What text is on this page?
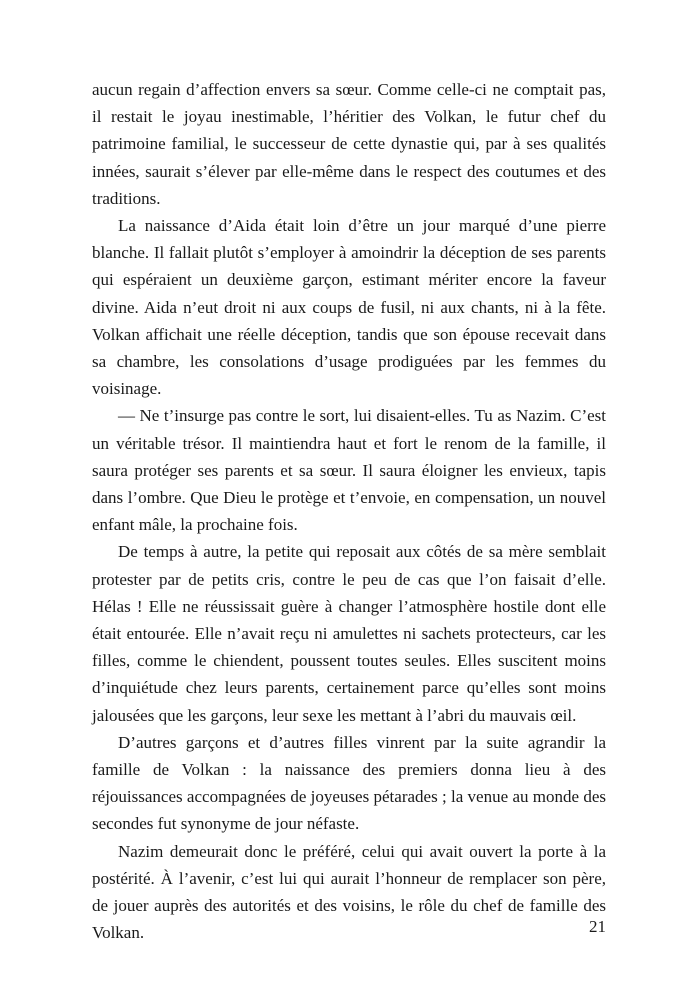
aucun regain d’affection envers sa sœur. Comme celle-ci ne comptait pas, il restait le joyau inestimable, l’héritier des Volkan, le futur chef du patrimoine familial, le successeur de cette dynastie qui, par à ses qualités innées, saurait s’élever par elle-même dans le respect des coutumes et des traditions.

La naissance d’Aida était loin d’être un jour marqué d’une pierre blanche. Il fallait plutôt s’employer à amoindrir la déception de ses parents qui espéraient un deuxième garçon, estimant mériter encore la faveur divine. Aida n’eut droit ni aux coups de fusil, ni aux chants, ni à la fête. Volkan affichait une réelle déception, tandis que son épouse recevait dans sa chambre, les consolations d’usage prodiguées par les femmes du voisinage.

— Ne t’insurge pas contre le sort, lui disaient-elles. Tu as Nazim. C’est un véritable trésor. Il maintiendra haut et fort le renom de la famille, il saura protéger ses parents et sa sœur. Il saura éloigner les envieux, tapis dans l’ombre. Que Dieu le protège et t’envoie, en compensation, un nouvel enfant mâle, la prochaine fois.

De temps à autre, la petite qui reposait aux côtés de sa mère semblait protester par de petits cris, contre le peu de cas que l’on faisait d’elle. Hélas ! Elle ne réussissait guère à changer l’atmosphère hostile dont elle était entourée. Elle n’avait reçu ni amulettes ni sachets protecteurs, car les filles, comme le chiendent, poussent toutes seules. Elles suscitent moins d’inquiétude chez leurs parents, certainement parce qu’elles sont moins jalousées que les garçons, leur sexe les mettant à l’abri du mauvais œil.

D’autres garçons et d’autres filles vinrent par la suite agrandir la famille de Volkan : la naissance des premiers donna lieu à des réjouissances accompagnées de joyeuses pétarades ; la venue au monde des secondes fut synonyme de jour néfaste.

Nazim demeurait donc le préféré, celui qui avait ouvert la porte à la postérité. À l’avenir, c’est lui qui aurait l’honneur de remplacer son père, de jouer auprès des autorités et des voisins, le rôle du chef de famille des Volkan.	21
